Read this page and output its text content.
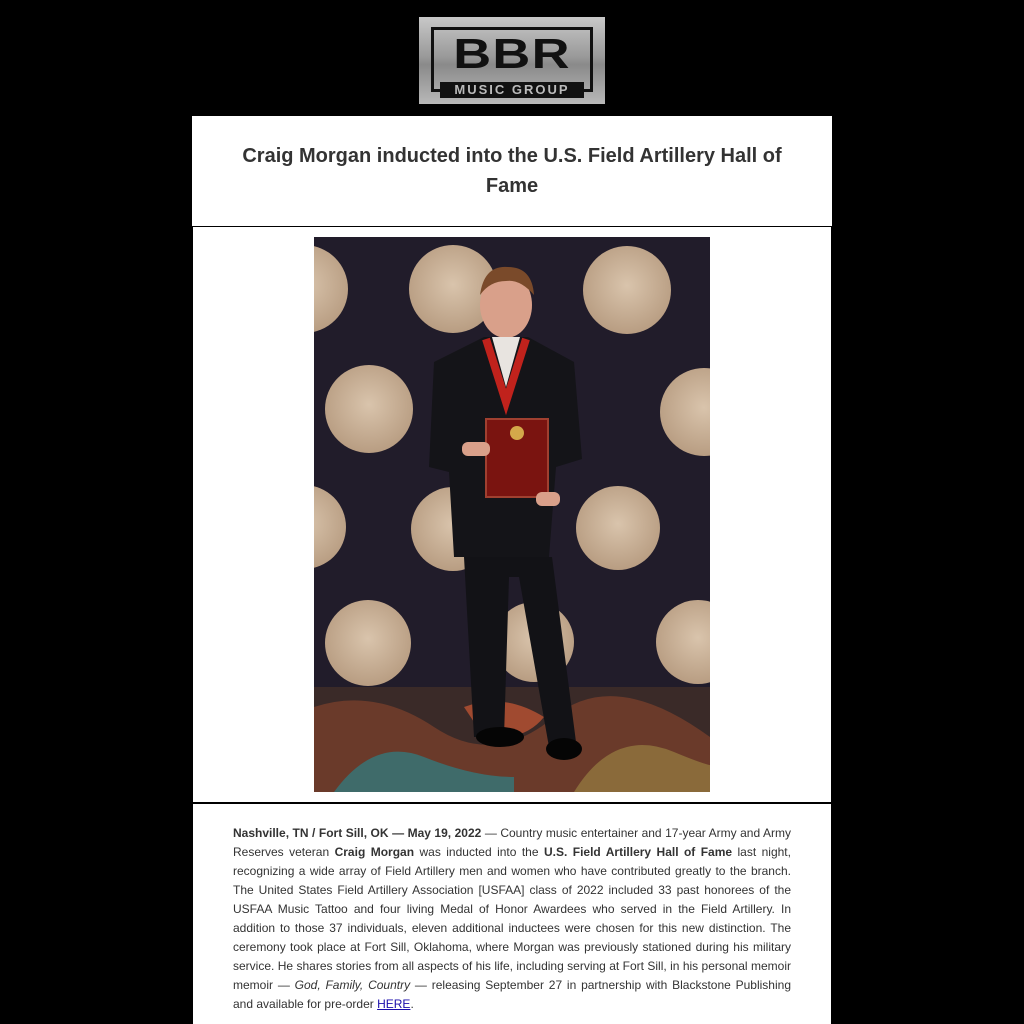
BBR
MUSIC GROUP
Craig Morgan inducted into the U.S. Field Artillery Hall of Fame

Nashville, TN / Fort Sill, OK — May 19, 2022 — Country music entertainer and 17-year Army and Army Reserves veteran Craig Morgan was inducted into the U.S. Field Artillery Hall of Fame last night, recognizing a wide array of Field Artillery men and women who have contributed greatly to the branch. The United States Field Artillery Association [USFAA] class of 2022 included 33 past honorees of the USFAA Music Tattoo and four living Medal of Honor Awardees who served in the Field Artillery. In addition to those 37 individuals, eleven additional inductees were chosen for this new distinction. The ceremony took place at Fort Sill, Oklahoma, where Morgan was previously stationed during his military service. He shares stories from all aspects of his life, including serving at Fort Sill, in his personal memoir memoir — God, Family, Country — releasing September 27 in partnership with Blackstone Publishing and available for pre-order HERE.
